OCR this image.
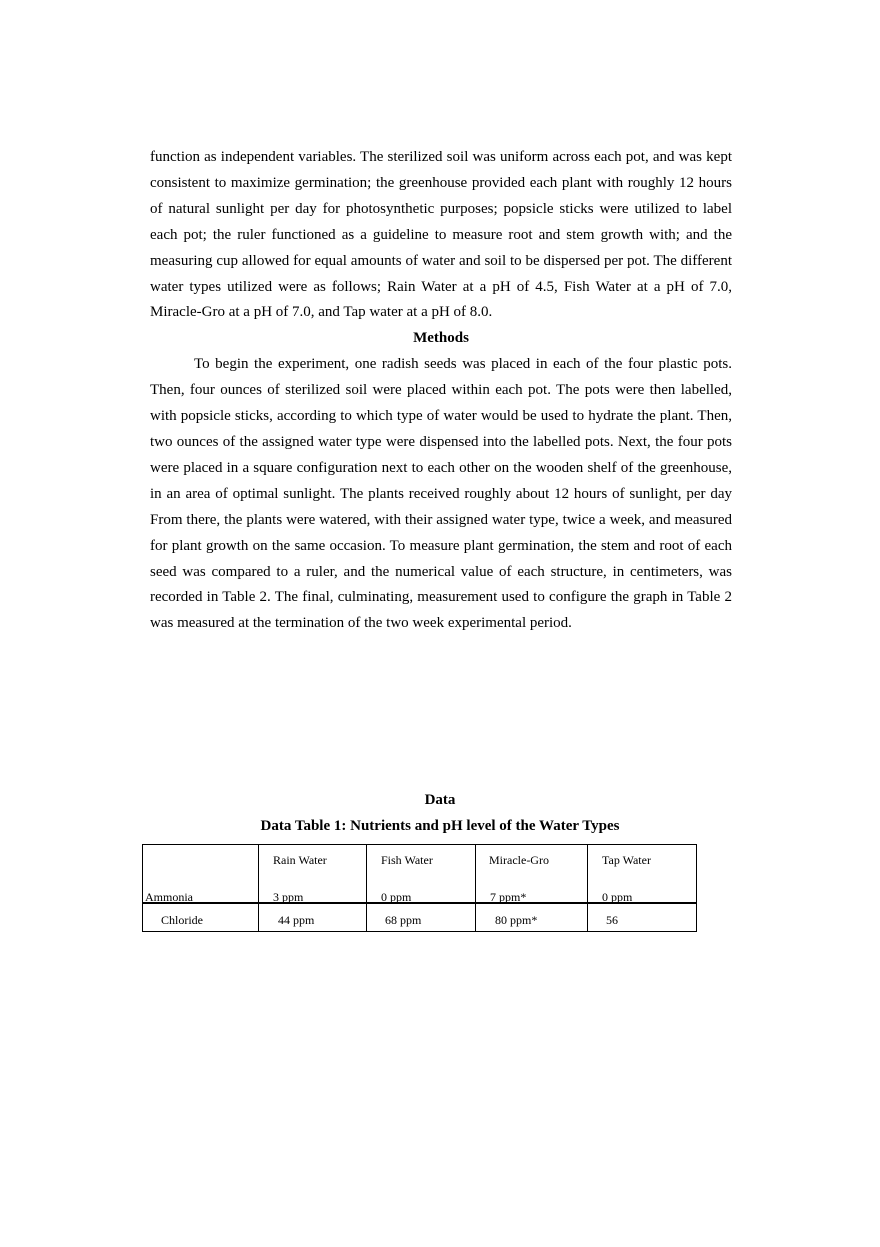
function as independent variables. The sterilized soil was uniform across each pot, and was kept consistent to maximize germination; the greenhouse provided each plant with roughly 12 hours of natural sunlight per day for photosynthetic purposes; popsicle sticks were utilized to label each pot; the ruler functioned as a guideline to measure root and stem growth with; and the measuring cup allowed for equal amounts of water and soil to be dispersed per pot. The different water types utilized were as follows; Rain Water at a pH of 4.5, Fish Water at a pH of 7.0, Miracle-Gro at a pH of 7.0, and Tap water at a pH of 8.0.

Methods

To begin the experiment, one radish seeds was placed in each of the four plastic pots. Then, four ounces of sterilized soil were placed within each pot. The pots were then labelled, with popsicle sticks, according to which type of water would be used to hydrate the plant. Then, two ounces of the assigned water type were dispensed into the labelled pots. Next, the four pots were placed in a square configuration next to each other on the wooden shelf of the greenhouse, in an area of optimal sunlight. The plants received roughly about 12 hours of sunlight, per day From there, the plants were watered, with their assigned water type, twice a week, and measured for plant growth on the same occasion. To measure plant germination, the stem and root of each seed was compared to a ruler, and the numerical value of each structure, in centimeters, was recorded in Table 2. The final, culminating, measurement used to configure the graph in Table 2 was measured at the termination of the two week experimental period.

Data
Data Table 1: Nutrients and pH level of the Water Types
	Rain Water	Fish Water	Miracle-Gro	Tap Water

Ammonia	3 ppm	0 ppm	7 ppm*	0 ppm

Chloride	44 ppm	68 ppm	80 ppm*	56
